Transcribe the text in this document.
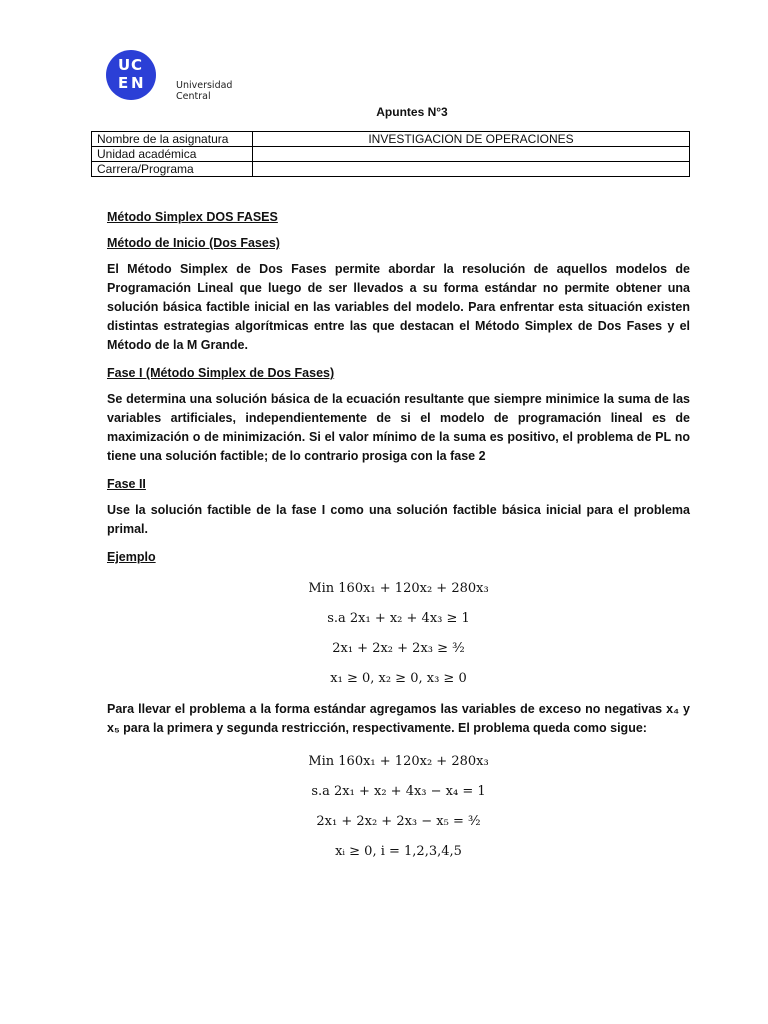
U C
E N	Universidad
Central
Apuntes N°3
Nombre de la asignatura	INVESTIGACION DE OPERACIONES
Unidad académica	
Carrera/Programa	
Método Simplex DOS FASES
Método de Inicio (Dos Fases)
El Método Simplex de Dos Fases permite abordar la resolución de aquellos modelos de Programación Lineal que luego de ser llevados a su forma estándar no permite obtener una solución básica factible inicial en las variables del modelo. Para enfrentar esta situación existen distintas estrategias algorítmicas entre las que destacan el Método Simplex de Dos Fases y el Método de la M Grande.
Fase I (Método Simplex de Dos Fases)
Se determina una solución básica de la ecuación resultante que siempre minimice la suma de las variables artificiales, independientemente de si el modelo de programación lineal es de maximización o de minimización. Si el valor mínimo de la suma es positivo, el problema de PL no tiene una solución factible; de lo contrario prosiga con la fase 2
Fase II
Use la solución factible de la fase I como una solución factible básica inicial para el problema primal.
Ejemplo
Min 160x₁ + 120x₂ + 280x₃
s.a 2x₁ + x₂ + 4x₃ ≥ 1
2x₁ + 2x₂ + 2x₃ ≥ ³⁄₂
x₁ ≥ 0, x₂ ≥ 0, x₃ ≥ 0
Para llevar el problema a la forma estándar agregamos las variables de exceso no negativas x₄ y x₅ para la primera y segunda restricción, respectivamente. El problema queda como sigue:
Min 160x₁ + 120x₂ + 280x₃
s.a 2x₁ + x₂ + 4x₃ − x₄ = 1
2x₁ + 2x₂ + 2x₃ − x₅ = ³⁄₂
xᵢ ≥ 0, i = 1,2,3,4,5
